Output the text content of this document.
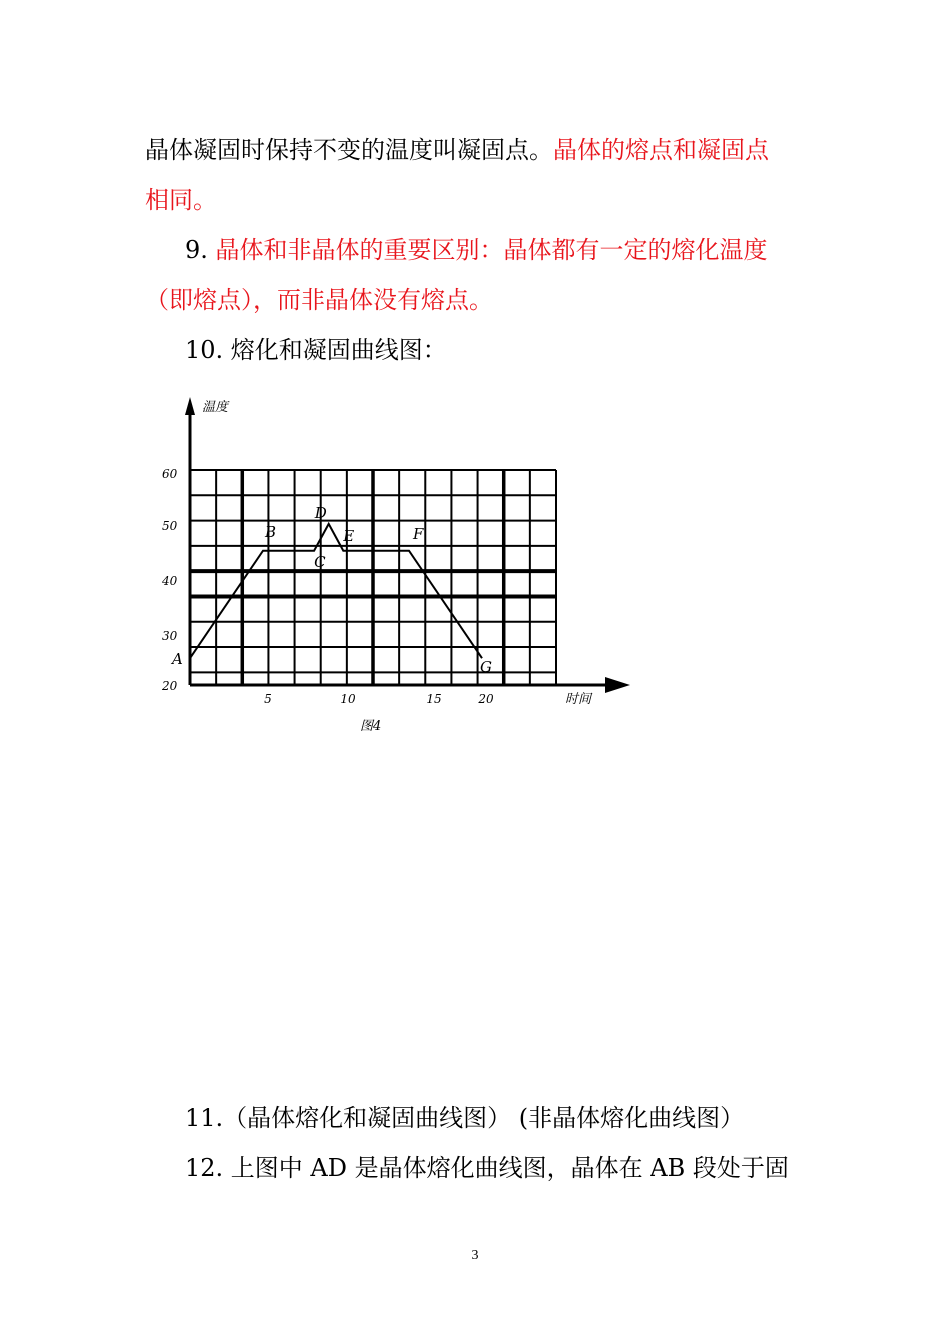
晶体凝固时保持不变的温度叫凝固点。晶体的熔点和凝固点
相同。
9. 晶体和非晶体的重要区别：晶体都有一定的熔化温度
（即熔点），而非晶体没有熔点。
10. 熔化和凝固曲线图：
温度
时间
图4
20
30
40
50
60
5	10	15	20
A
B
C
D
E	F
G
11.（晶体熔化和凝固曲线图） (非晶体熔化曲线图）
12. 上图中 AD 是晶体熔化曲线图，晶体在 AB 段处于固
3
